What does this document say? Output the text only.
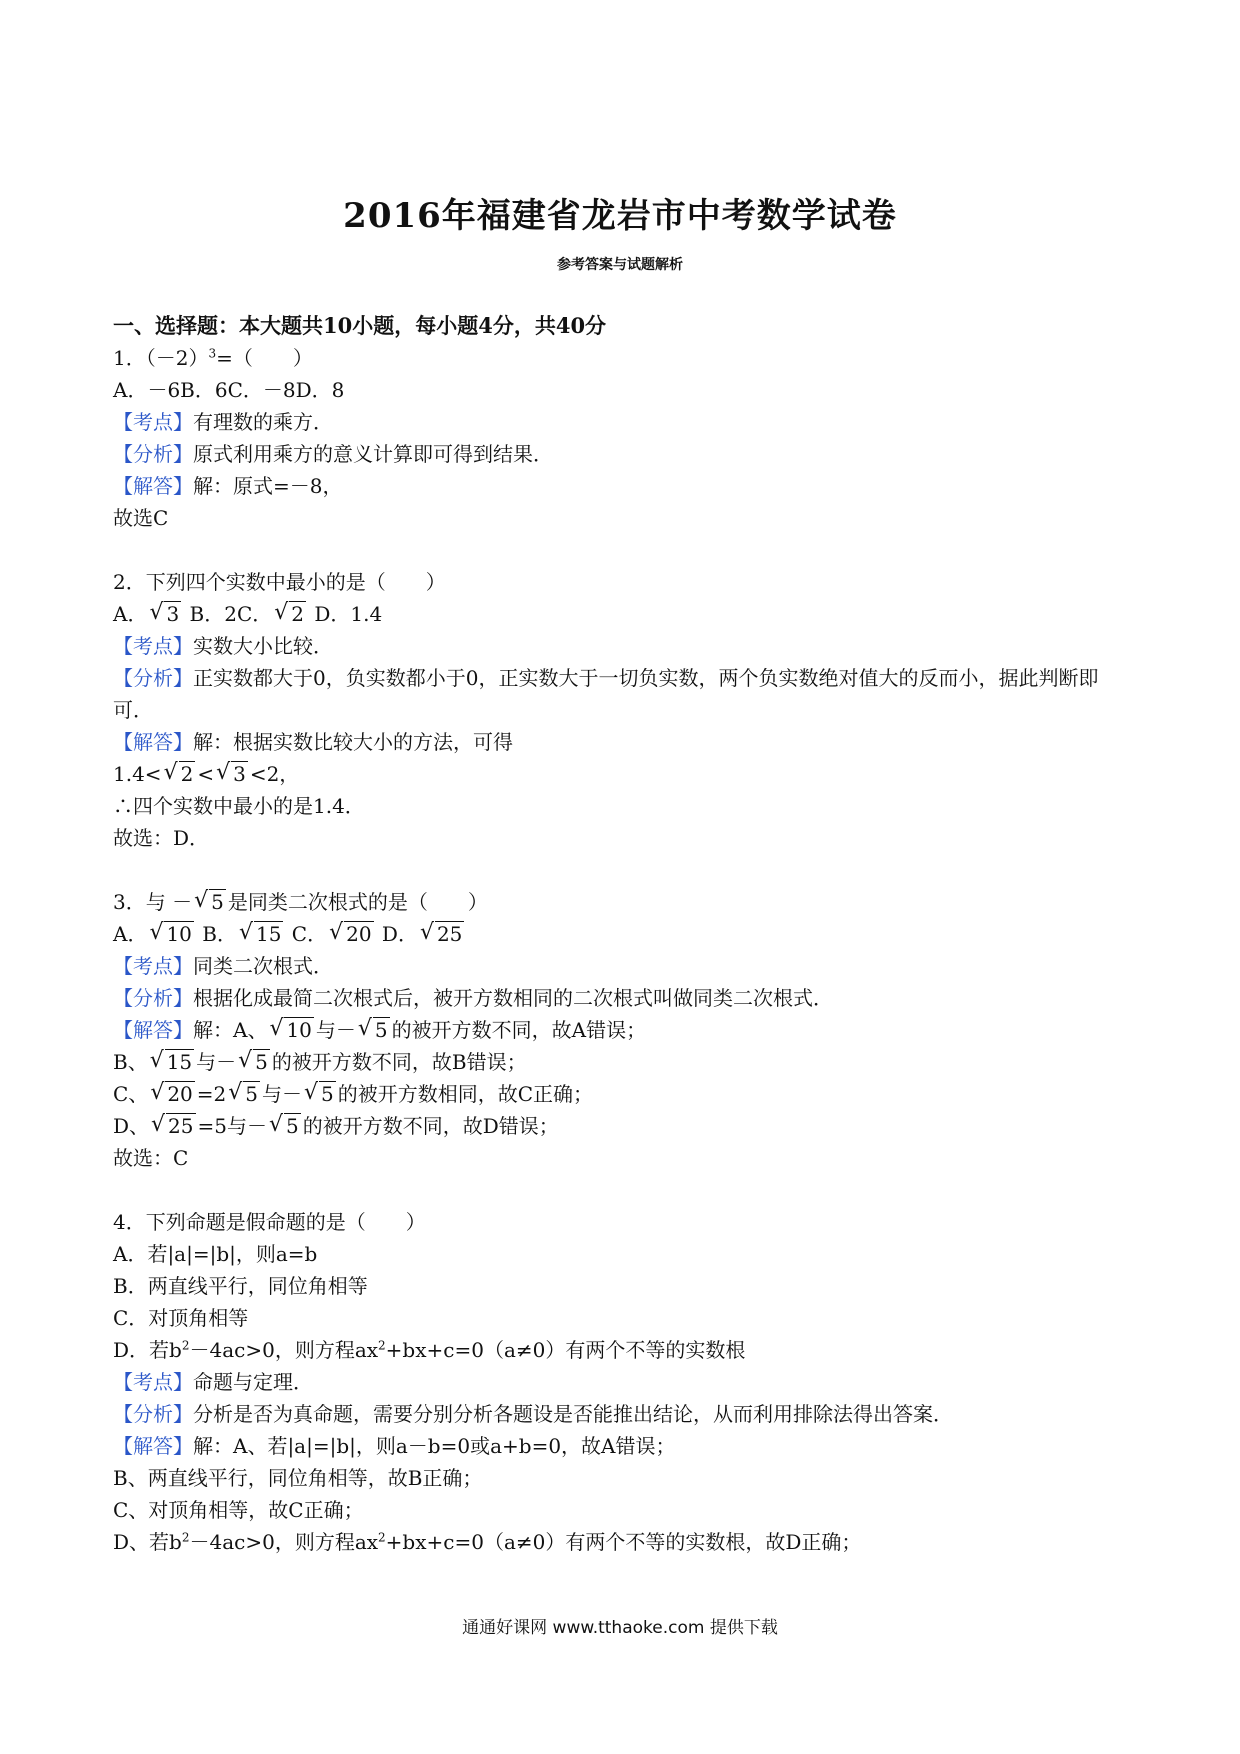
2016年福建省龙岩市中考数学试卷
参考答案与试题解析
一、选择题：本大题共10小题，每小题4分，共40分
1．$(-2)^3=$（　　）
A．－6B．6C．－8D．8
【考点】有理数的乘方．
【分析】原式利用乘方的意义计算即可得到结果．
【解答】解：原式=－8，
故选C
2．下列四个实数中最小的是（　　）
A． √ 3 B．2C． √ 2 D．1.4
【考点】实数大小比较．
【分析】正实数都大于0，负实数都小于0，正实数大于一切负实数，两个负实数绝对值大的反而小，据此判断即可．
【解答】解：根据实数比较大小的方法，可得
1.4< √ 2 < √ 3 <2，
∴四个实数中最小的是1.4．
故选：D．
3．与 － √ 5 是同类二次根式的是（　　）
A． √ 10 B． √ 15 C． √ 20 D． √ 25
【考点】同类二次根式．
【分析】根据化成最简二次根式后，被开方数相同的二次根式叫做同类二次根式．
【解答】解：A、 √ 10 与－ √ 5 的被开方数不同，故A错误；
B、 √ 15 与－ √ 5 的被开方数不同，故B错误；
C、 √ 20 =2 √ 5 与－ √ 5 的被开方数相同，故C正确；
D、 √ 25 =5与－ √ 5 的被开方数不同，故D错误；
故选：C
4．下列命题是假命题的是（　　）
A．若|a|=|b|，则a=b
B．两直线平行，同位角相等
C．对顶角相等
D．若$b^2-4ac>0$，则方程$ax^2+bx+c=0(a\ne 0)$有两个不等的实数根
【考点】命题与定理．
【分析】分析是否为真命题，需要分别分析各题设是否能推出结论，从而利用排除法得出答案．
【解答】解：A、若|a|=|b|，则a－b=0或a+b=0，故A错误；
B、两直线平行，同位角相等，故B正确；
C、对顶角相等，故C正确；
D、若$b^2-4ac>0$，则方程$ax^2+bx+c=0(a\ne 0)$有两个不等的实数根，故D正确；
通通好课网 www.tthaoke.com 提供下载
